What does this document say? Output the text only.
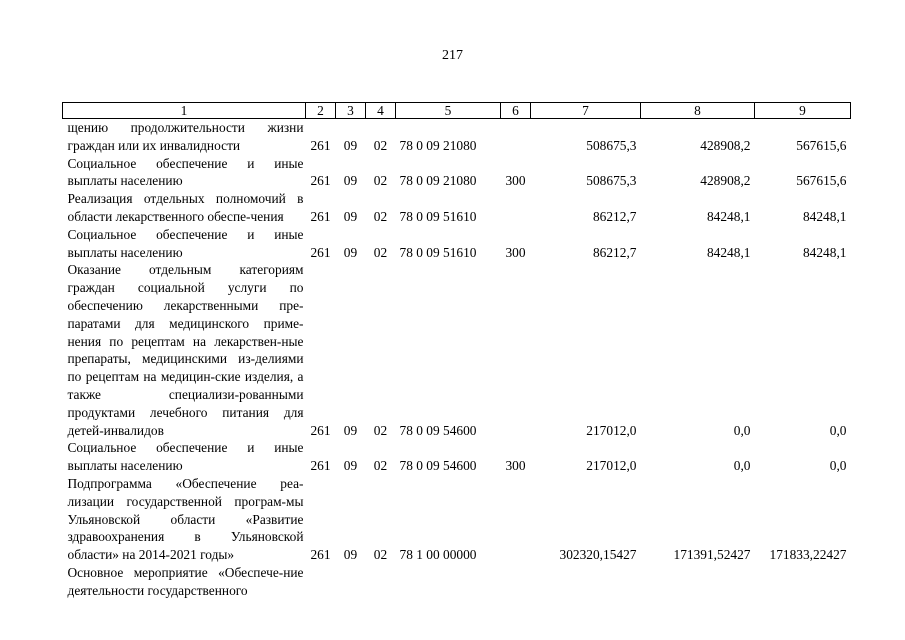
217
1	2	3	4	5	6	7	8	9
щению продолжительности жизни граждан или их инвалидности	261	09	02	78 0 09 21080		508675,3	428908,2	567615,6
Социальное обеспечение и иные выплаты населению	261	09	02	78 0 09 21080	300	508675,3	428908,2	567615,6
Реализация отдельных полномочий в области лекарственного обеспе-чения	261	09	02	78 0 09 51610		86212,7	84248,1	84248,1
Социальное обеспечение и иные выплаты населению	261	09	02	78 0 09 51610	300	86212,7	84248,1	84248,1
Оказание отдельным категориям граждан социальной услуги по обеспечению лекарственными пре-паратами для медицинского приме-нения по рецептам на лекарствен-ные препараты, медицинскими из-делиями по рецептам на медицин-ские изделия, а также специализи-рованными продуктами лечебного питания для детей-инвалидов	261	09	02	78 0 09 54600		217012,0	0,0	0,0
Социальное обеспечение и иные выплаты населению	261	09	02	78 0 09 54600	300	217012,0	0,0	0,0
Подпрограмма «Обеспечение реа-лизации государственной програм-мы Ульяновской области «Развитие здравоохранения в Ульяновской области» на 2014-2021 годы»	261	09	02	78 1 00 00000		302320,15427	171391,52427	171833,22427
Основное мероприятие «Обеспече-ние деятельности государственного								
